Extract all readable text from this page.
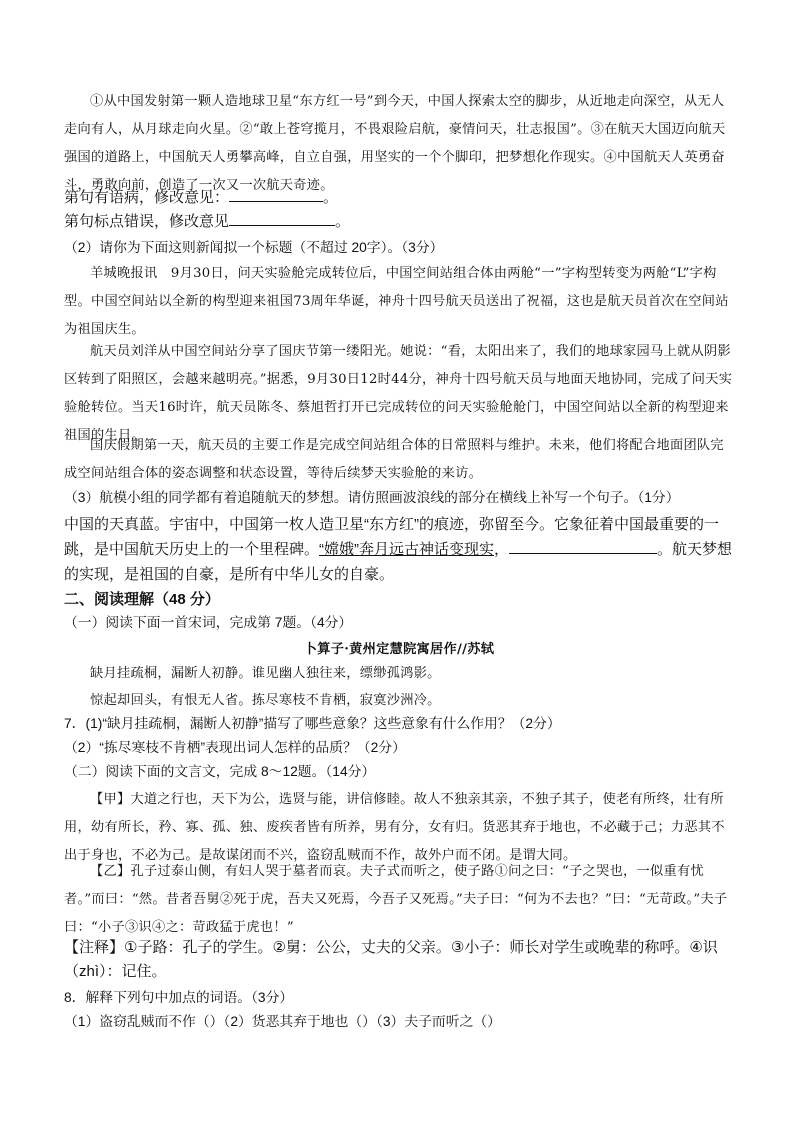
①从中国发射第一颗人造地球卫星“东方红一号”到今天，中国人探索太空的脚步，从近地走向深空，从无人走向有人，从月球走向火星。②“敢上苍穹揽月，不畏艰险启航，豪情问天，壮志报国”。③在航天大国迈向航天强国的道路上，中国航天人勇攀高峰，自立自强，用坚实的一个个脚印，把梦想化作现实。④中国航天人英勇奋斗，勇敢向前，创造了一次又一次航天奇迹。

第句有语病，修改意见：	。
第句标点错误，修改意见	。

（2）请你为下面这则新闻拟一个标题（不超过 20字）。（3分）

羊城晚报讯　9月30日，问天实验舱完成转位后，中国空间站组合体由两舱“一”字构型转变为两舱“L”字构型。中国空间站以全新的构型迎来祖国73周年华诞，神舟十四号航天员送出了祝福，这也是航天员首次在空间站为祖国庆生。

航天员刘洋从中国空间站分享了国庆节第一缕阳光。她说：“看，太阳出来了，我们的地球家园马上就从阴影区转到了阳照区，会越来越明亮。”据悉，9月30日12时44分，神舟十四号航天员与地面天地协同，完成了问天实验舱转位。当天16时许，航天员陈冬、蔡旭哲打开已完成转位的问天实验舱舱门，中国空间站以全新的构型迎来祖国的生日。

国庆假期第一天，航天员的主要工作是完成空间站组合体的日常照料与维护。未来，他们将配合地面团队完成空间站组合体的姿态调整和状态设置，等待后续梦天实验舱的来访。

（3）航模小组的同学都有着追随航天的梦想。请仿照画波浪线的部分在横线上补写一个句子。（1分）

中国的天真蓝。宇宙中，中国第一枚人造卫星“东方红”的痕迹，弥留至今。它象征着中国最重要的一跳，是中国航天历史上的一个里程碑。“嫦娥”奔月远古神话变现实，	。航天梦想的实现，是祖国的自豪，是所有中华儿女的自豪。

二、阅读理解（48 分）

（一）阅读下面一首宋词，完成第 7题。（4分）

卜算子·黄州定慧院寓居作//苏轼

缺月挂疏桐，漏断人初静。谁见幽人独往来，缥缈孤鸿影。

惊起却回头，有恨无人省。拣尽寒枝不肯栖，寂寞沙洲冷。

7．(1)“缺月挂疏桐，漏断人初静”描写了哪些意象？这些意象有什么作用？（2分）

（2）“拣尽寒枝不肯栖”表现出词人怎样的品质？（2分）

（二）阅读下面的文言文，完成 8～12题。（14分）

【甲】大道之行也，天下为公，选贤与能，讲信修睦。故人不独亲其亲，不独子其子，使老有所终，壮有所用，幼有所长，矜、寡、孤、独、废疾者皆有所养，男有分，女有归。货恶其弃于地也，不必藏于己；力恶其不出于身也，不必为己。是故谋闭而不兴，盗窃乱贼而不作，故外户而不闭。是谓大同。

【乙】孔子过泰山侧，有妇人哭于墓者而哀。夫子式而听之，使子路①问之曰：“子之哭也，一似重有忧者。”而曰：“然。昔者吾舅②死于虎，吾夫又死焉，今吾子又死焉。”夫子曰：“何为不去也？”曰：“无苛政。”夫子曰：“小子③识④之：苛政猛于虎也！”

【注释】①子路：孔子的学生。②舅：公公，丈夫的父亲。③小子：师长对学生或晚辈的称呼。④识（zhì）：记住。

8．解释下列句中加点的词语。（3分）

（1）盗窃乱贼而不作（）（2）货恶其弃于地也（）（3）夫子而听之（）
